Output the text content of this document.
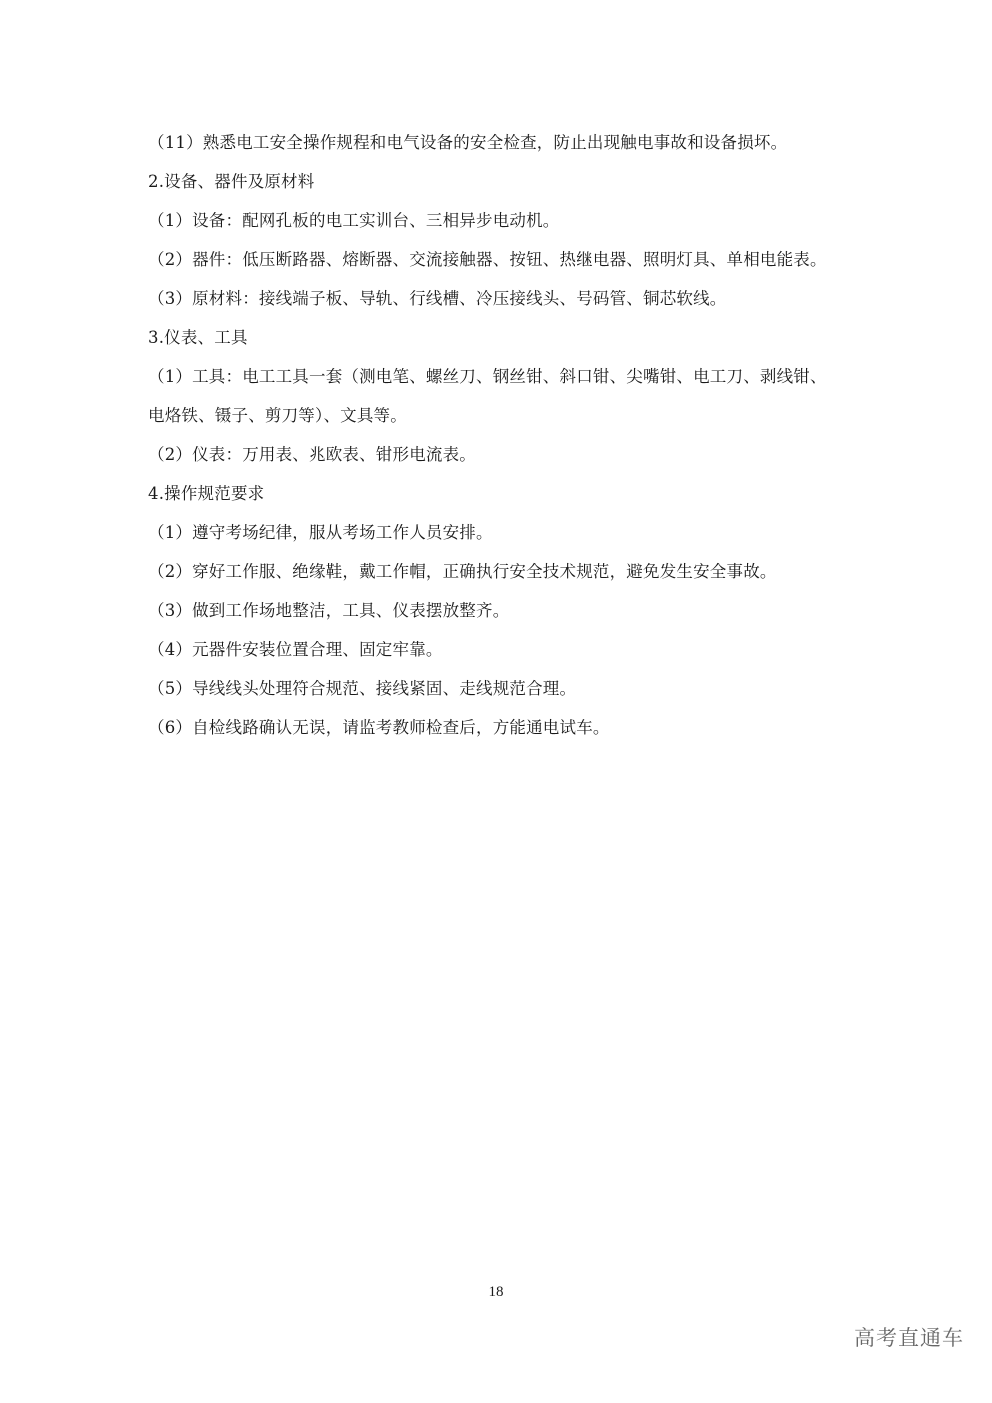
（11）熟悉电工安全操作规程和电气设备的安全检查，防止出现触电事故和设备损坏。
2.设备、器件及原材料
（1）设备：配网孔板的电工实训台、三相异步电动机。
（2）器件：低压断路器、熔断器、交流接触器、按钮、热继电器、照明灯具、单相电能表。
（3）原材料：接线端子板、导轨、行线槽、冷压接线头、号码管、铜芯软线。
3.仪表、工具
（1）工具：电工工具一套（测电笔、螺丝刀、钢丝钳、斜口钳、尖嘴钳、电工刀、剥线钳、
电烙铁、镊子、剪刀等）、文具等。
（2）仪表：万用表、兆欧表、钳形电流表。
4.操作规范要求
（1）遵守考场纪律，服从考场工作人员安排。
（2）穿好工作服、绝缘鞋，戴工作帽，正确执行安全技术规范，避免发生安全事故。
（3）做到工作场地整洁，工具、仪表摆放整齐。
（4）元器件安装位置合理、固定牢靠。
（5）导线线头处理符合规范、接线紧固、走线规范合理。
（6）自检线路确认无误，请监考教师检查后，方能通电试车。
18
高考直通车
